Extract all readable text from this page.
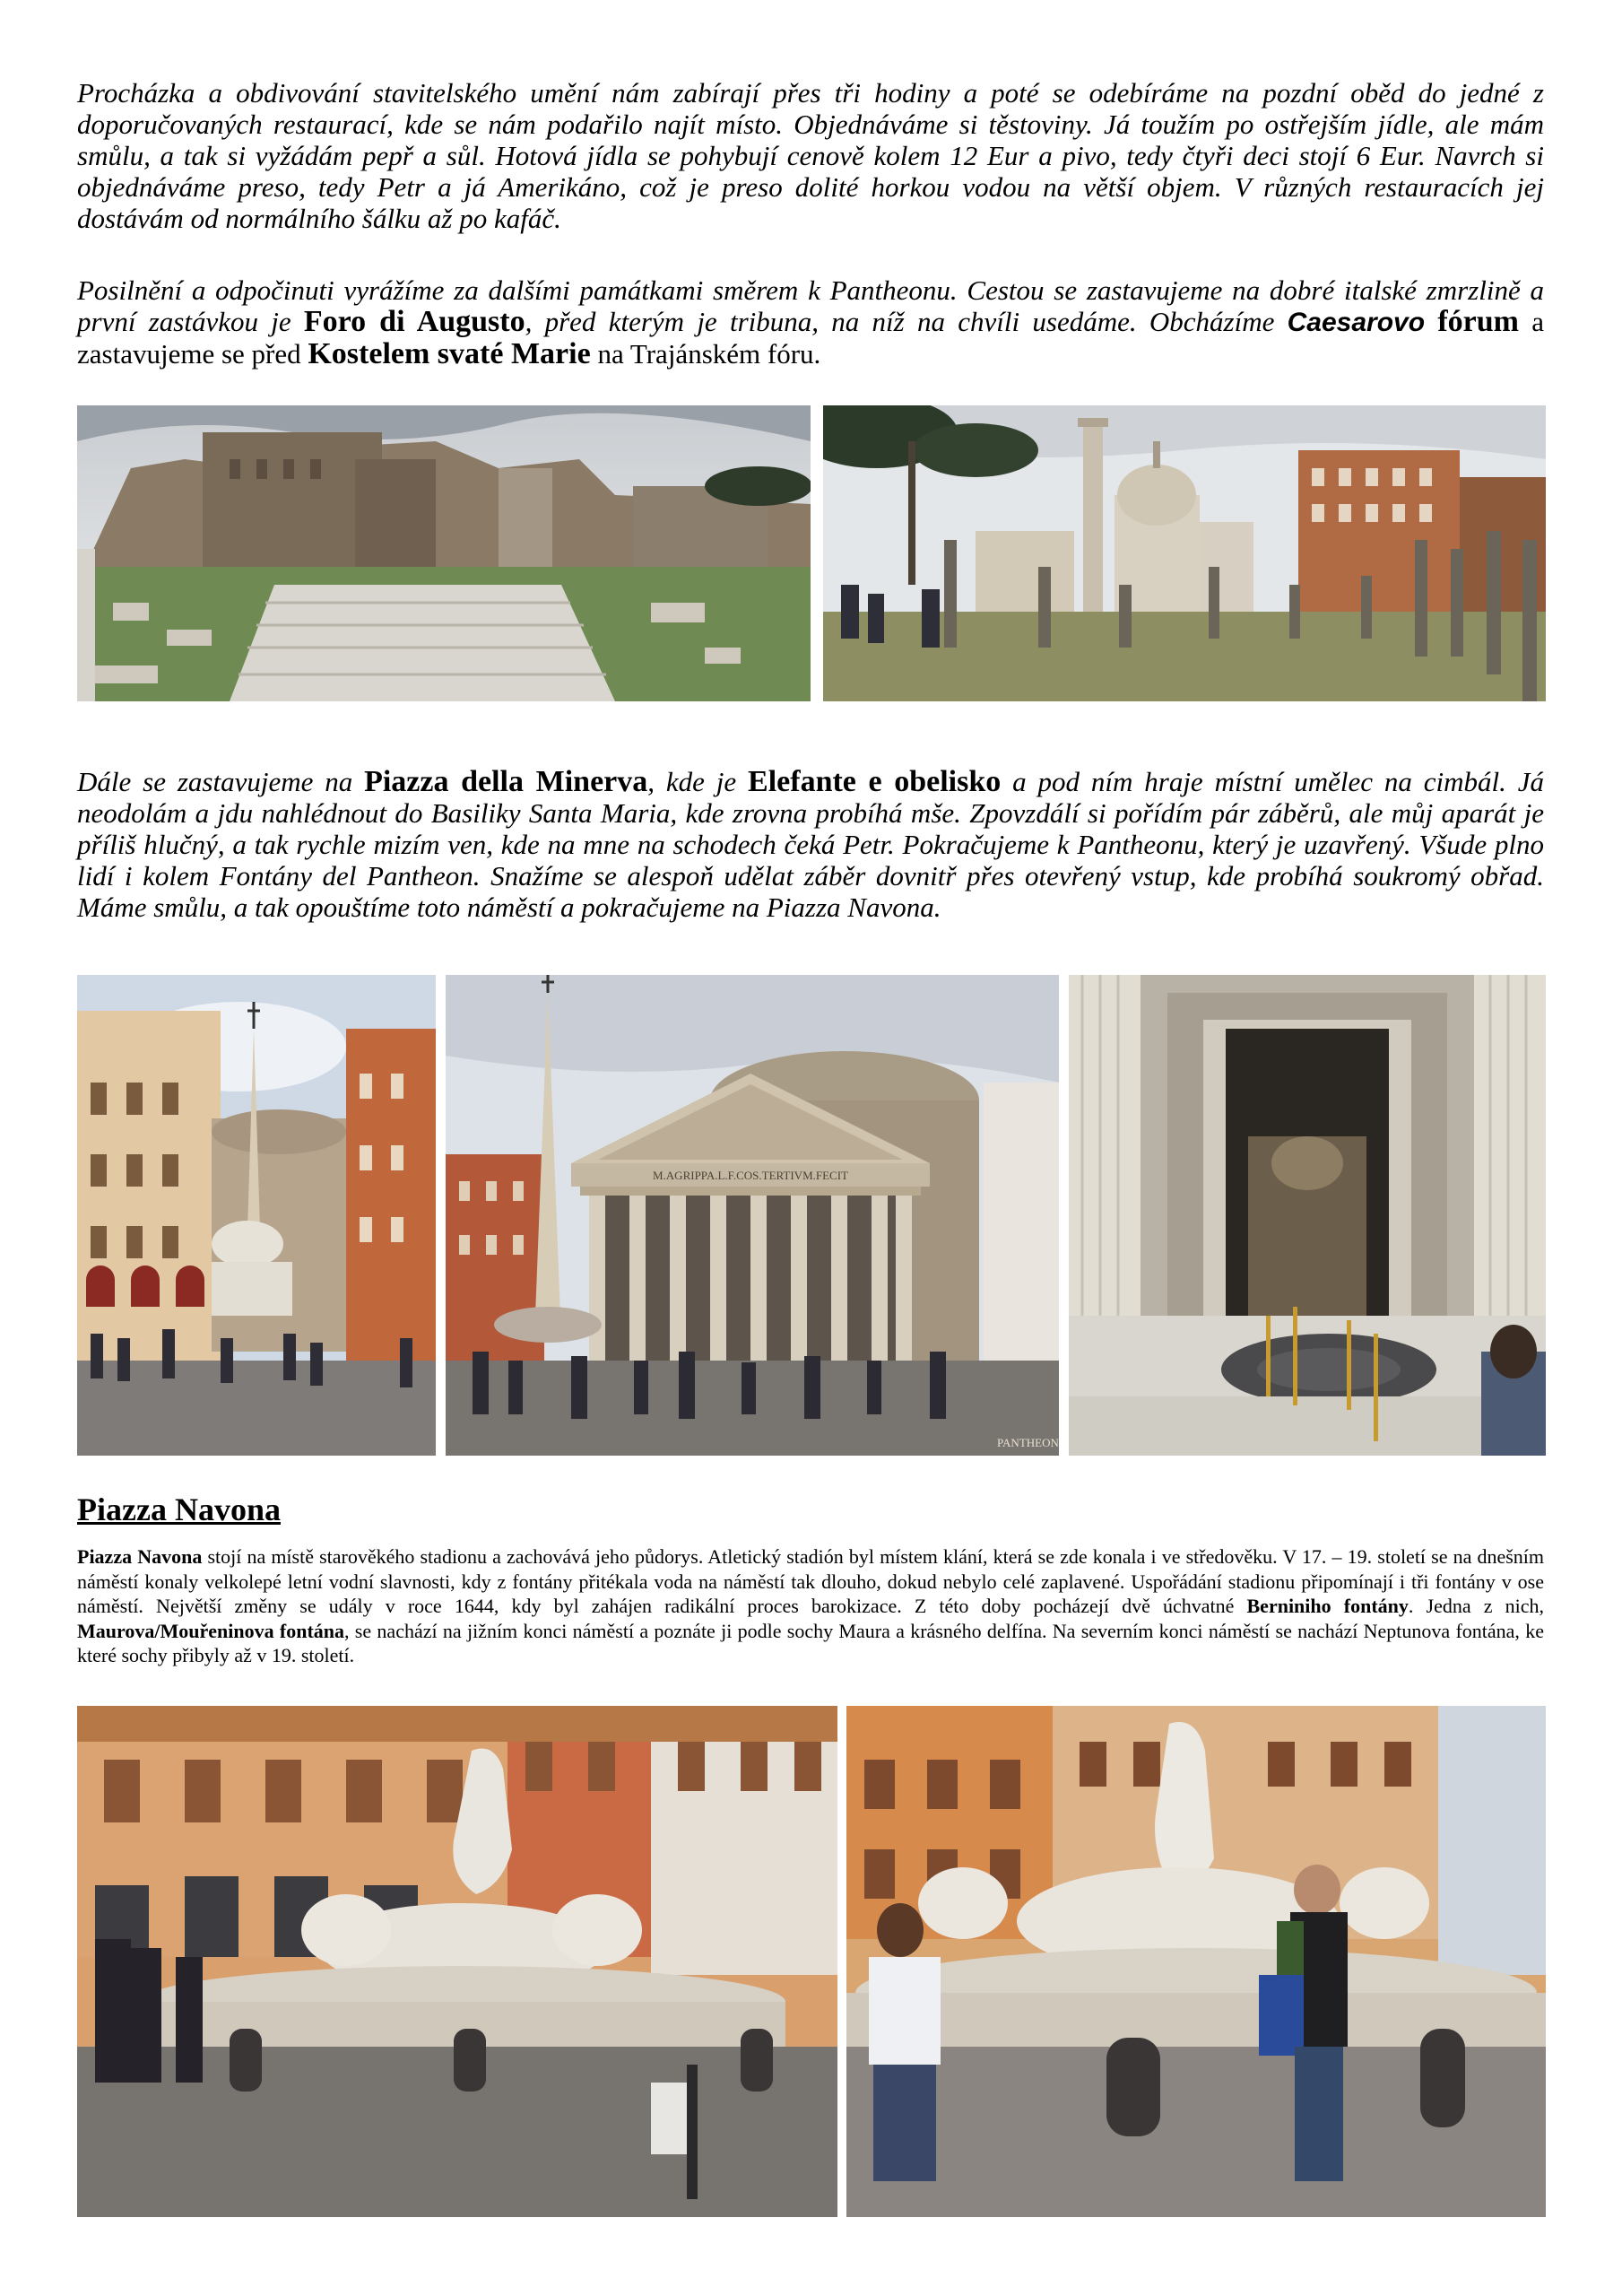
Procházka a obdivování stavitelského umění nám zabírají přes tři hodiny a poté se odebíráme na pozdní oběd do jedné z doporučovaných restaurací, kde se nám podařilo najít místo. Objednáváme si těstoviny. Já toužím po ostřejším jídle, ale mám smůlu, a tak si vyžádám pepř a sůl. Hotová jídla se pohybují cenově kolem 12 Eur a pivo, tedy čtyři deci stojí 6 Eur. Navrch si objednáváme preso, tedy Petr a já Amerikáno, což je preso dolité horkou vodou na větší objem. V různých restauracích jej dostávám od normálního šálku až po kafáč.

Posilnění a odpočinuti vyrážíme za dalšími památkami směrem k Pantheonu. Cestou se zastavujeme na dobré italské zmrzlině a první zastávkou je Foro di Augusto, před kterým je tribuna, na níž na chvíli usedáme. Obcházíme Caesarovo fórum a zastavujeme se před Kostelem svaté Marie na Trajánském fóru.

Dále se zastavujeme na Piazza della Minerva, kde je Elefante e obelisko a pod ním hraje místní umělec na cimbál. Já neodolám a jdu nahlédnout do Basiliky Santa Maria, kde zrovna probíhá mše. Zpovzdálí si pořídím pár záběrů, ale můj aparát je příliš hlučný, a tak rychle mizím ven, kde na mne na schodech čeká Petr. Pokračujeme k Pantheonu, který je uzavřený. Všude plno lidí i kolem Fontány del Pantheon. Snažíme se alespoň udělat záběr dovnitř přes otevřený vstup, kde probíhá soukromý obřad. Máme smůlu, a tak opouštíme toto náměstí a pokračujeme na Piazza Navona.

M.AGRIPPA.L.F.COS.TERTIVM.FECIT
PANTHEON
Piazza Navona

Piazza Navona stojí na místě starověkého stadionu a zachovává jeho půdorys. Atletický stadión byl místem klání, která se zde konala i ve středověku. V 17. – 19. století se na dnešním náměstí konaly velkolepé letní vodní slavnosti, kdy z fontány přitékala voda na náměstí tak dlouho, dokud nebylo celé zaplavené. Uspořádání stadionu připomínají i tři fontány v ose náměstí. Největší změny se udály v roce 1644, kdy byl zahájen radikální proces barokizace. Z této doby pocházejí dvě úchvatné Berniniho fontány. Jedna z nich, Maurova/Mouřeninova fontána, se nachází na jižním konci náměstí a poznáte ji podle sochy Maura a krásného delfína. Na severním konci náměstí se nachází Neptunova fontána, ke které sochy přibyly až v 19. století.
